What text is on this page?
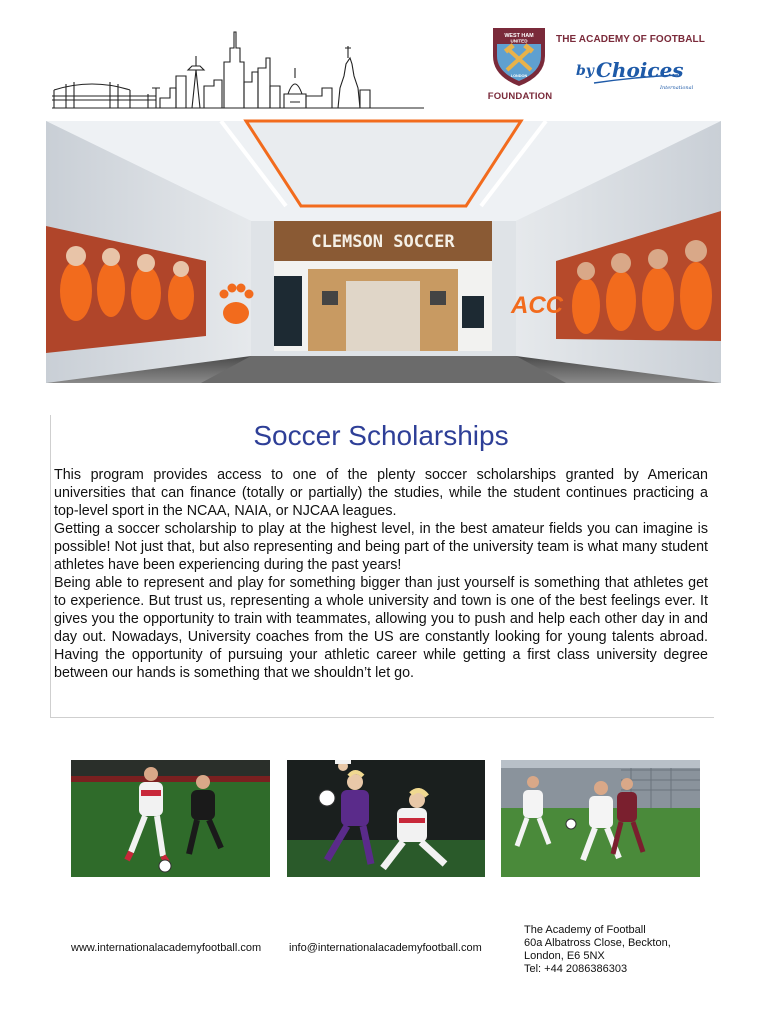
WEST HAM
UNITED
LONDON
FOUNDATION
THE ACADEMY OF FOOTBALL
by Choices
International
CLEMSON SOCCER
ACC
Soccer Scholarships

This program provides access to one of the plenty soccer scholarships granted by American universities that can finance (totally or partially) the studies, while the student continues practicing a top-level sport in the NCAA, NAIA, or NJCAA leagues.

Getting a soccer scholarship to play at the highest level, in the best amateur fields you can imagine is possible! Not just that, but also representing and being part of the university team is what many student athletes have been experiencing during the past years!

Being able to represent and play for something bigger than just yourself is something that athletes get to experience. But trust us, representing a whole university and town is one of the best feelings ever. It gives you the opportunity to train with teammates, allowing you to push and help each other day in and day out. Nowadays, University coaches from the US are constantly looking for young talents abroad. Having the opportunity of pursuing your athletic career while getting a first class university degree between our hands is something that we shouldn’t let go.

www.internationalacademyfootball.com	info@internationalacademyfootball.com
The Academy of Football
60a Albatross Close, Beckton,
London, E6 5NX
Tel: +44 2086386303
